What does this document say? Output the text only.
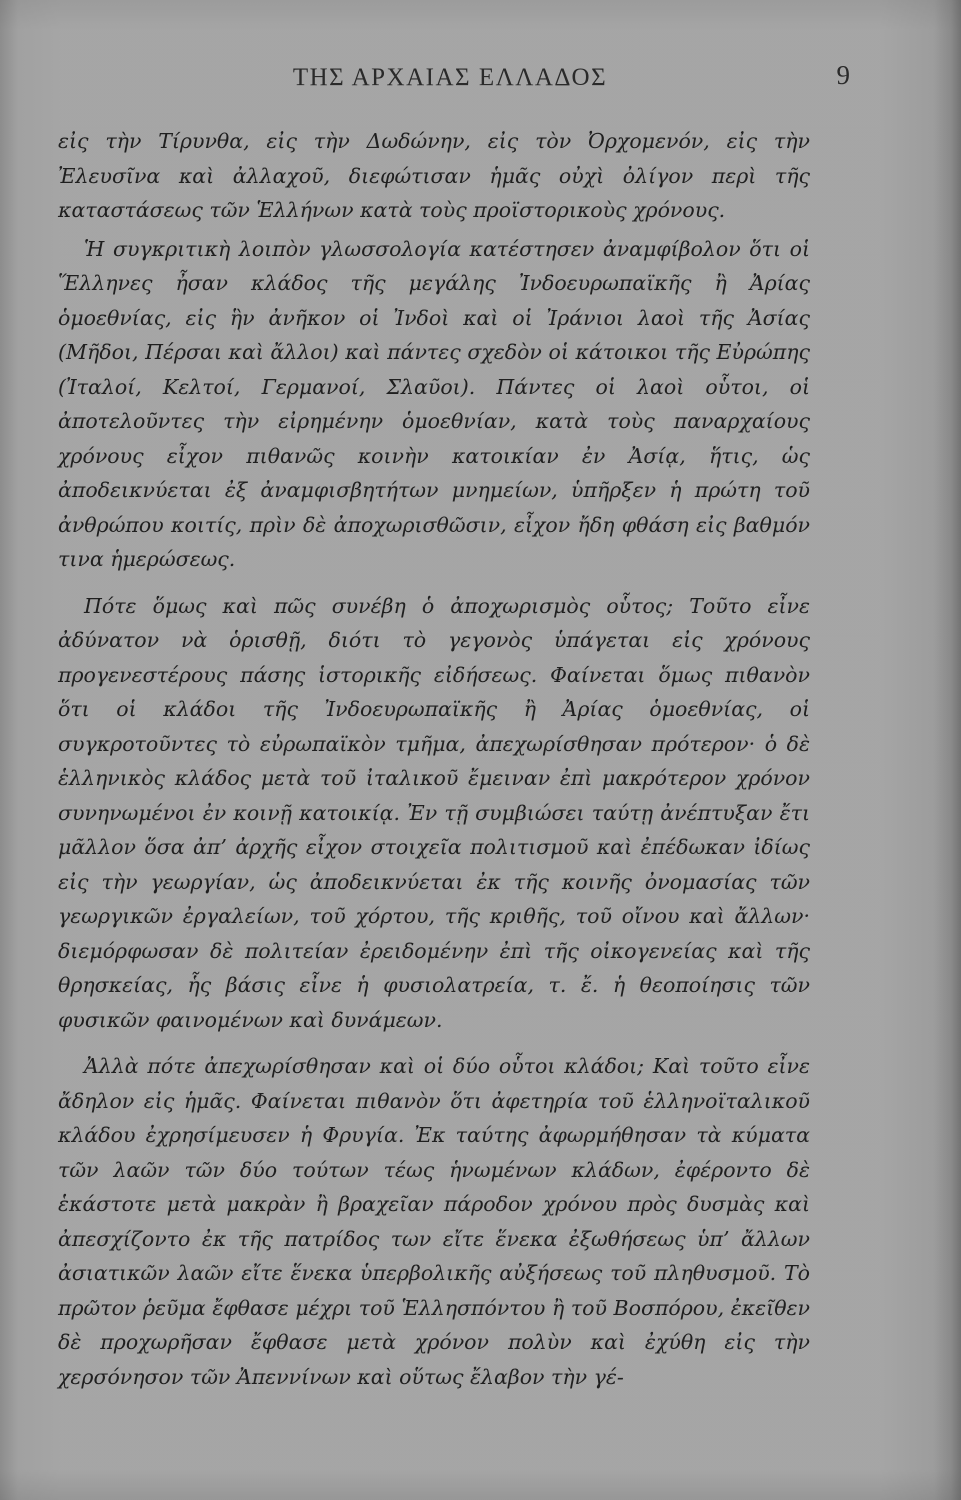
ΤΗΣ ΑΡΧΑΙΑΣ ΕΛΛΑΔΟΣ	9

εἰς τὴν Τίρυνθα, εἰς τὴν Δωδώνην, εἰς τὸν Ὀρχομενόν, εἰς τὴν Ἐλευσῖνα καὶ ἀλλαχοῦ, διεφώτισαν ἡμᾶς οὐχὶ ὀλίγον περὶ τῆς καταστάσεως τῶν Ἑλλήνων κατὰ τοὺς προϊστορικοὺς χρόνους.

Ἡ συγκριτικὴ λοιπὸν γλωσσολογία κατέστησεν ἀναμφίβολον ὅτι οἱ Ἕλληνες ἦσαν κλάδος τῆς μεγάλης Ἰνδοευρωπαϊκῆς ἢ Ἀρίας ὁμοεθνίας, εἰς ἣν ἀνῆκον οἱ Ἰνδοὶ καὶ οἱ Ἰράνιοι λαοὶ τῆς Ἀσίας (Μῆδοι, Πέρσαι καὶ ἄλλοι) καὶ πάντες σχεδὸν οἱ κάτοικοι τῆς Εὐρώπης (Ἰταλοί, Κελτοί, Γερμανοί, Σλαῦοι). Πάντες οἱ λαοὶ οὗτοι, οἱ ἀποτελοῦντες τὴν εἰρημένην ὁμοεθνίαν, κατὰ τοὺς παναρχαίους χρόνους εἶχον πιθανῶς κοινὴν κατοικίαν ἐν Ἀσίᾳ, ἥτις, ὡς ἀποδεικνύεται ἐξ ἀναμφισβητήτων μνημείων, ὑπῆρξεν ἡ πρώτη τοῦ ἀνθρώπου κοιτίς, πρὶν δὲ ἀποχωρισθῶσιν, εἶχον ἤδη φθάση εἰς βαθμόν τινα ἡμερώσεως.

Πότε ὅμως καὶ πῶς συνέβη ὁ ἀποχωρισμὸς οὗτος; Τοῦτο εἶνε ἀδύνατον νὰ ὁρισθῇ, διότι τὸ γεγονὸς ὑπάγεται εἰς χρόνους προγενεστέρους πάσης ἱστορικῆς εἰδήσεως. Φαίνεται ὅμως πιθανὸν ὅτι οἱ κλάδοι τῆς Ἰνδοευρωπαϊκῆς ἢ Ἀρίας ὁμοεθνίας, οἱ συγκροτοῦντες τὸ εὐρωπαϊκὸν τμῆμα, ἀπεχωρίσθησαν πρότερον· ὁ δὲ ἑλληνικὸς κλάδος μετὰ τοῦ ἰταλικοῦ ἔμειναν ἐπὶ μακρότερον χρόνον συνηνωμένοι ἐν κοινῇ κατοικίᾳ. Ἐν τῇ συμβιώσει ταύτῃ ἀνέπτυξαν ἔτι μᾶλλον ὅσα ἀπ’ ἀρχῆς εἶχον στοιχεῖα πολιτισμοῦ καὶ ἐπέδωκαν ἰδίως εἰς τὴν γεωργίαν, ὡς ἀποδεικνύεται ἐκ τῆς κοινῆς ὀνομασίας τῶν γεωργικῶν ἐργαλείων, τοῦ χόρτου, τῆς κριθῆς, τοῦ οἴνου καὶ ἄλλων· διεμόρφωσαν δὲ πολιτείαν ἐρειδομένην ἐπὶ τῆς οἰκογενείας καὶ τῆς θρησκείας, ἧς βάσις εἶνε ἡ φυσιολατρεία, τ. ἔ. ἡ θεοποίησις τῶν φυσικῶν φαινομένων καὶ δυνάμεων.

Ἀλλὰ πότε ἀπεχωρίσθησαν καὶ οἱ δύο οὗτοι κλάδοι; Καὶ τοῦτο εἶνε ἄδηλον εἰς ἡμᾶς. Φαίνεται πιθανὸν ὅτι ἀφετηρία τοῦ ἑλληνοϊταλικοῦ κλάδου ἐχρησίμευσεν ἡ Φρυγία. Ἐκ ταύτης ἀφωρμήθησαν τὰ κύματα τῶν λαῶν τῶν δύο τούτων τέως ἡνωμένων κλάδων, ἐφέροντο δὲ ἑκάστοτε μετὰ μακρὰν ἢ βραχεῖαν πάροδον χρόνου πρὸς δυσμὰς καὶ ἀπεσχίζοντο ἐκ τῆς πατρίδος των εἴτε ἕνεκα ἐξωθήσεως ὑπ’ ἄλλων ἀσιατικῶν λαῶν εἴτε ἕνεκα ὑπερβολικῆς αὐξήσεως τοῦ πληθυσμοῦ. Τὸ πρῶτον ῥεῦμα ἔφθασε μέχρι τοῦ Ἑλλησπόντου ἢ τοῦ Βοσπόρου, ἐκεῖθεν δὲ προχωρῆσαν ἔφθασε μετὰ χρόνον πολὺν καὶ ἐχύθη εἰς τὴν χερσόνησον τῶν Ἀπεννίνων καὶ οὕτως ἔλαβον τὴν γέ-
